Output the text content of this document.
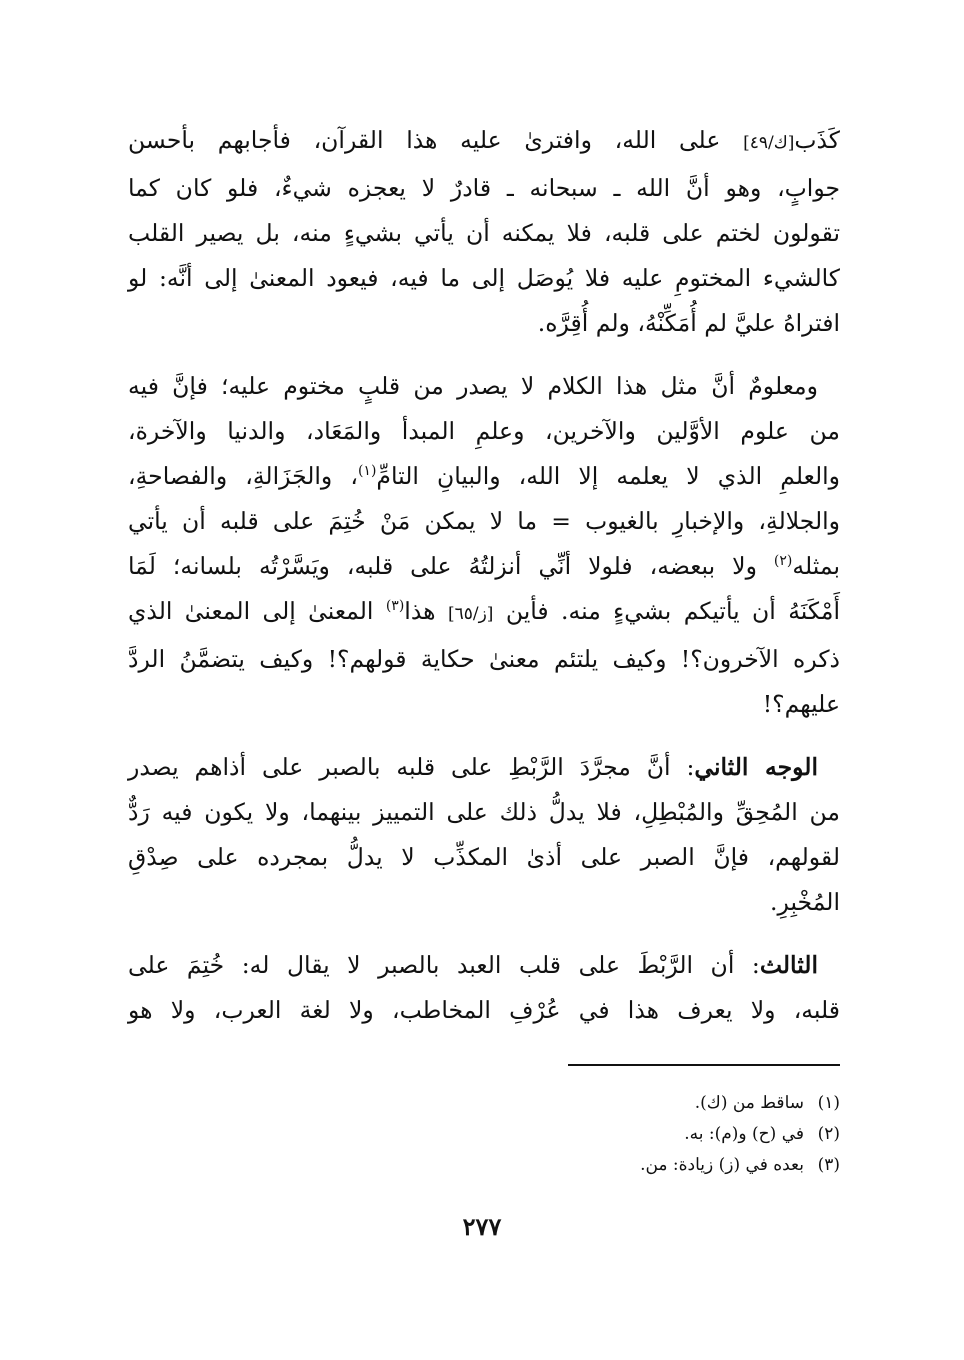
كَذَب[ك/٤٩] على الله، وافترىٰ عليه هذا القرآن، فأجابهم بأحسن
جوابٍ، وهو أنَّ الله ـ سبحانه ـ قادرٌ لا يعجزه شيءٌ، فلو كان كما
تقولون لختم على قلبه، فلا يمكنه أن يأتي بشيءٍ منه، بل يصير القلب
كالشيء المختومِ عليه فلا يُوصَل إلى ما فيه، فيعود المعنىٰ إلى أنَّه: لو
افتراهُ عليَّ لم أُمَكِّنْهُ، ولم أُقِرَّه.

ومعلومٌ أنَّ مثل هذا الكلام لا يصدر من قلبٍ مختوم عليه؛ فإنَّ فيه
من علوم الأوَّلين والآخرين، وعلمِ المبدأ والمَعَاد، والدنيا والآخرة،
والعلمِ الذي لا يعلمه إلا الله، والبيانِ التامِّ$^{(١)}$، والجَزَالةِ، والفصاحةِ،
والجلالةِ، والإخبارِ بالغيوب = ما لا يمكن مَنْ خُتِمَ على قلبه أن يأتي
بمثله$^{(٢)}$ ولا ببعضه، فلولا أنِّي أنزلتُهُ على قلبه، ويَسَّرْتُه بلسانه؛ لَمَا
أَمْكَنَهُ أن يأتيكم بشيءٍ منه. فأين [ز/٦٥] هذا$^{(٣)}$ المعنىٰ إلى المعنىٰ الذي
ذكره الآخرون؟! وكيف يلتئم معنىٰ حكاية قولهم؟! وكيف يتضمَّنُ الردَّ
عليهم؟!

الوجه الثاني: أنَّ مجرَّدَ الرَّبْطِ على قلبه بالصبر على أذاهم يصدر
من المُحِقِّ والمُبْطِلِ، فلا يدلُّ ذلك على التمييز بينهما، ولا يكون فيه رَدٌّ
لقولهم، فإنَّ الصبر على أذىٰ المكذِّب لا يدلُّ بمجرده على صِدْقِ
المُخْبِرِ.

الثالث: أن الرَّبْطَ على قلب العبد بالصبر لا يقال له: خُتِمَ على
قلبه، ولا يعرف هذا في عُرْفِ المخاطب، ولا لغة العرب، ولا هو

(١)ساقط من (ك).
(٢)في (ح) و(م): به.
(٣)بعده في (ز) زيادة: من.
٢٧٧
